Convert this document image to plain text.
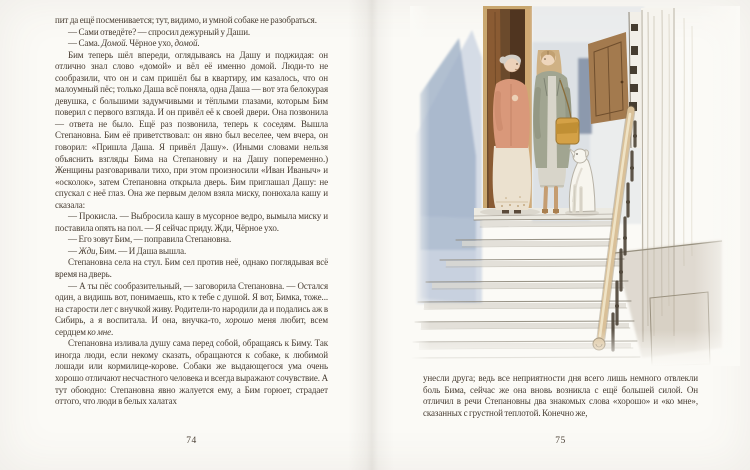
пит да ещё посменивается; тут, видимо, и умной собаке не разобраться.

— Сами отведёте? — спросил дежурный у Даши.

— Сама. Домой. Чёрное ухо, домой.

Бим теперь шёл впереди, оглядываясь на Дашу и поджидая: он отлично знал слово «домой» и вёл её именно домой. Люди-то не сообразили, что он и сам пришёл бы в квартиру, им казалось, что он малоумный пёс; только Даша всё поняла, одна Даша — вот эта белокурая девушка, с большими задумчивыми и тёплыми глазами, которым Бим поверил с первого взгляда. И он привёл её к своей двери. Она позвонила — ответа не было. Ещё раз позвонила, теперь к соседям. Вышла Степановна. Бим её приветствовал: он явно был веселее, чем вчера, он говорил: «Пришла Даша. Я привёл Дашу». (Иными словами нельзя объяснить взгляды Бима на Степановну и на Дашу попеременно.) Женщины разговаривали тихо, при этом произносили «Иван Иваныч» и «осколок», затем Степановна открыла дверь. Бим приглашал Дашу: не спускал с неё глаз. Она же первым делом взяла миску, понюхала кашу и сказала:

— Прокисла. — Выбросила кашу в мусорное ведро, вымыла миску и поставила опять на пол. — Я сейчас приду. Жди, Чёрное ухо.

— Его зовут Бим, — поправила Степановна.

— Жди, Бим. — И Даша вышла.

Степановна села на стул. Бим сел против неё, однако поглядывая всё время на дверь.

— А ты пёс сообразительный, — заговорила Степановна. — Остался один, а видишь вот, понимаешь, кто к тебе с душой. Я вот, Бимка, тоже... на старости лет с внучкой живу. Родители-то народили да и подались аж в Сибирь, а я воспитала. И она, внучка-то, хорошо меня любит, всем сердцем ко мне.

Степановна изливала душу сама перед собой, обращаясь к Биму. Так иногда люди, если некому сказать, обращаются к собаке, к любимой лошади или кормилице-корове. Собаки же выдающегося ума очень хорошо отличают несчастного человека и всегда выражают сочувствие. А тут обоюдно: Степановна явно жалуется ему, а Бим горюет, страдает оттого, что люди в белых халатах

74

унесли друга; ведь все неприятности дня всего лишь немного отвлекли боль Бима, сейчас же она вновь возникла с ещё большей силой. Он отличил в речи Степановны два знакомых слова «хорошо» и «ко мне», сказанных с грустной теплотой. Конечно же,

75
